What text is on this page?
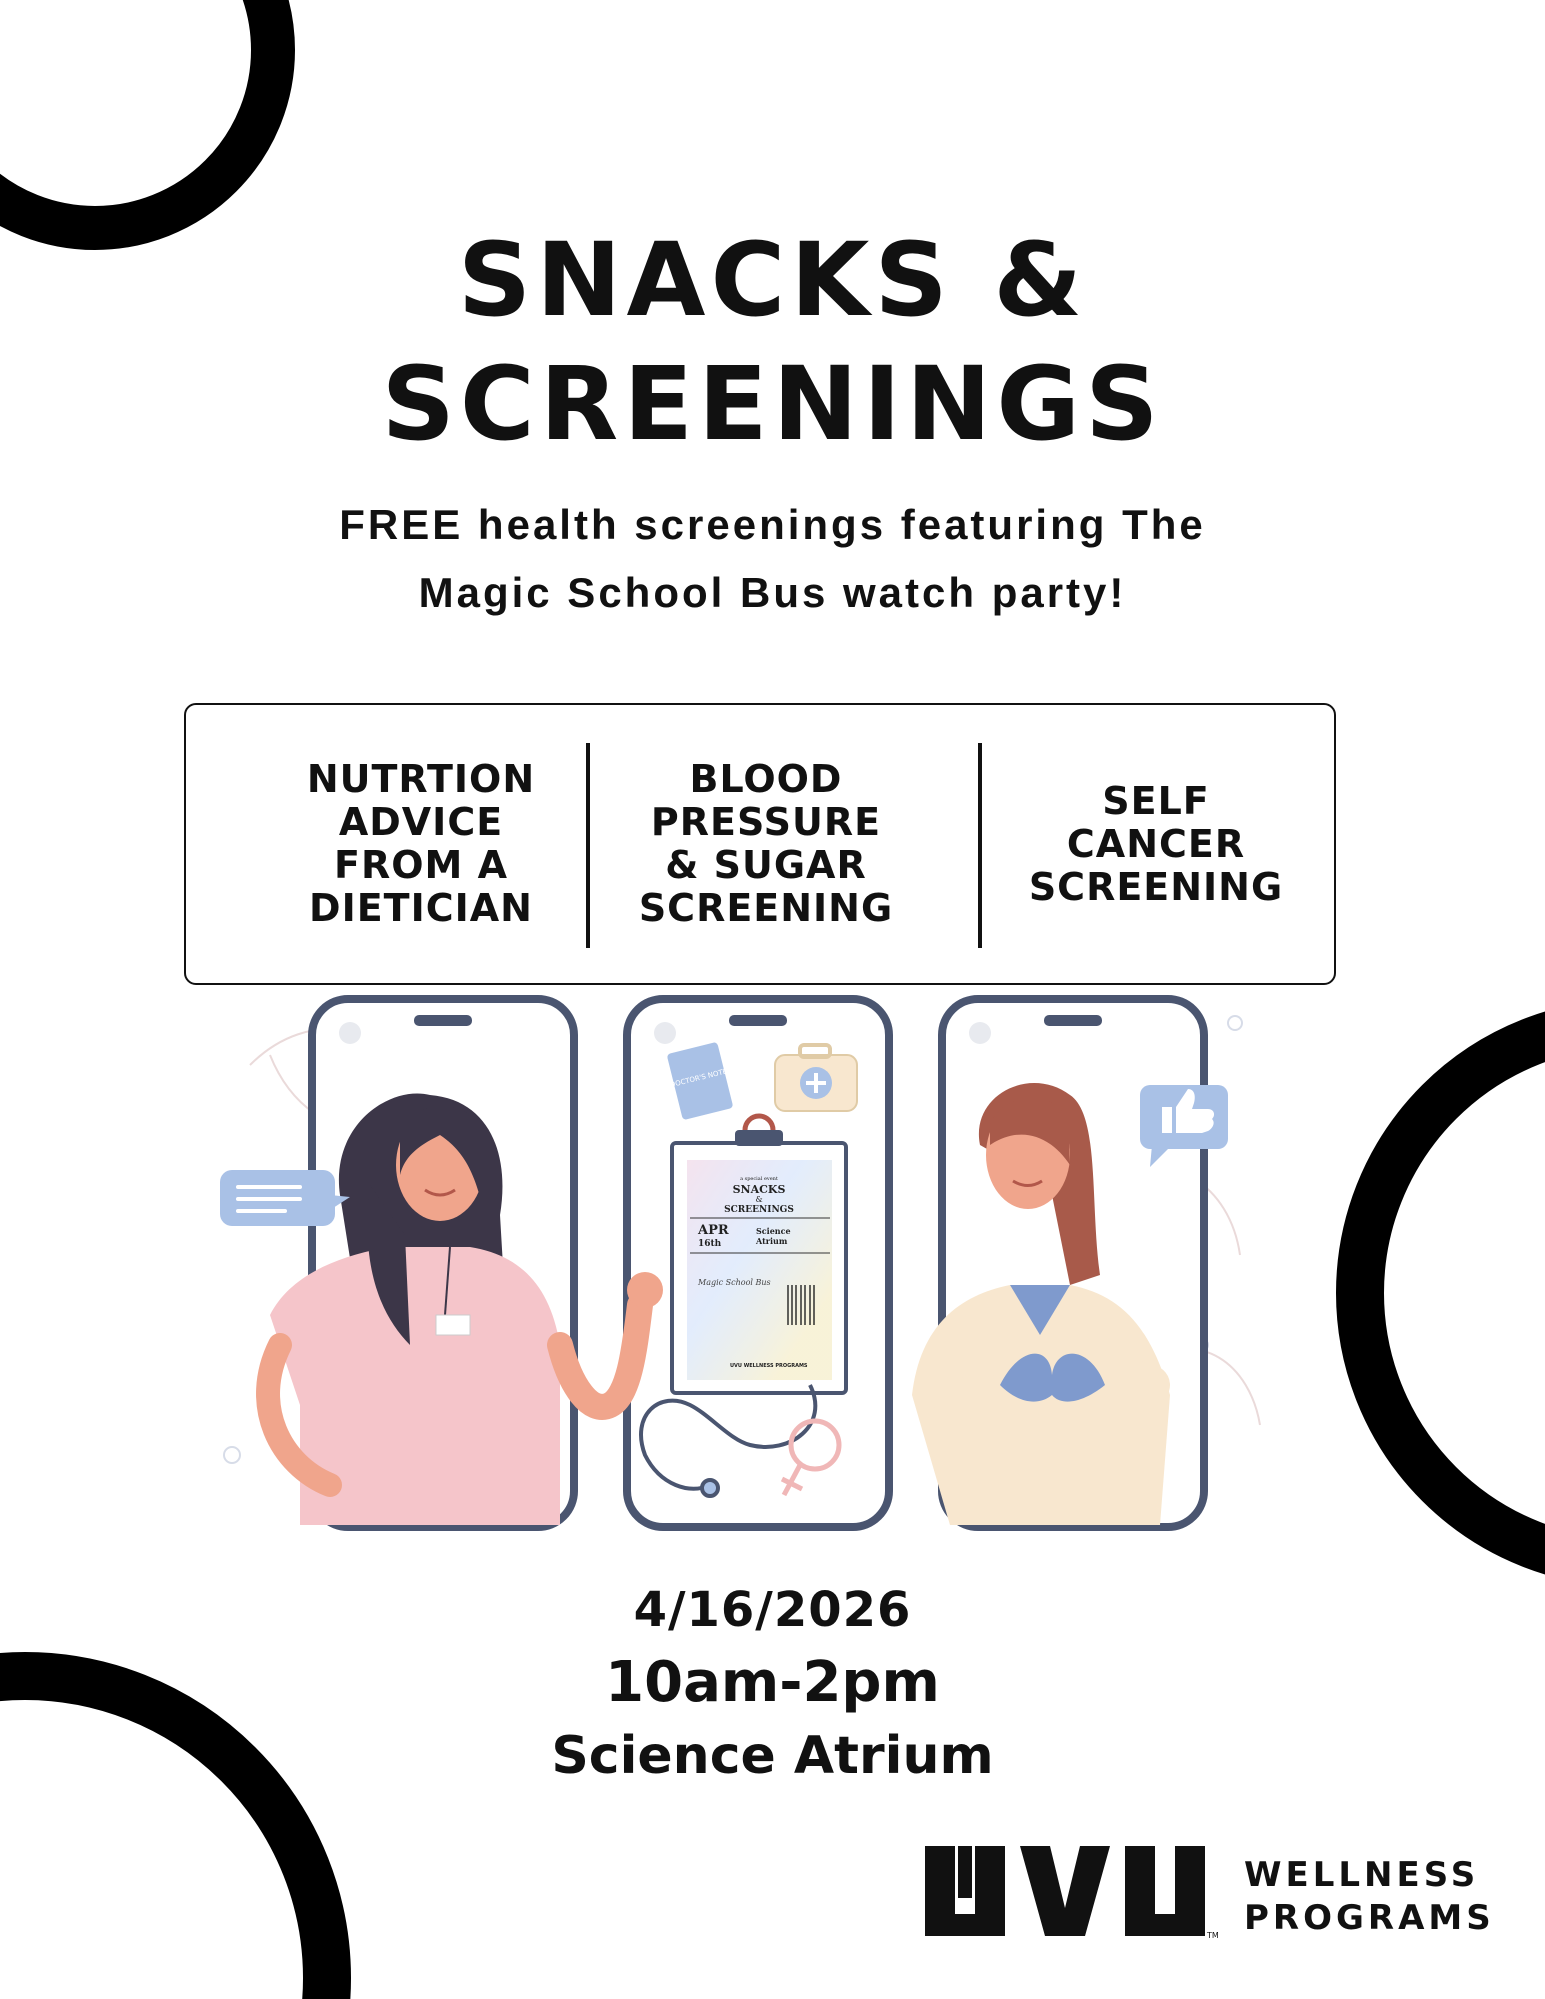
SNACKS &
SCREENINGS
FREE health screenings featuring The
Magic School Bus watch party!
NUTRTION
ADVICE
FROM A
DIETICIAN
BLOOD
PRESSURE
& SUGAR
SCREENING
SELF
CANCER
SCREENING
DOCTOR'S NOTES
a special event
SNACKS
&
SCREENINGS
APR
16th
Science
Atrium
Magic School Bus
UVU WELLNESS PROGRAMS
4/16/2026
10am-2pm
Science Atrium
TM
WELLNESS
PROGRAMS
